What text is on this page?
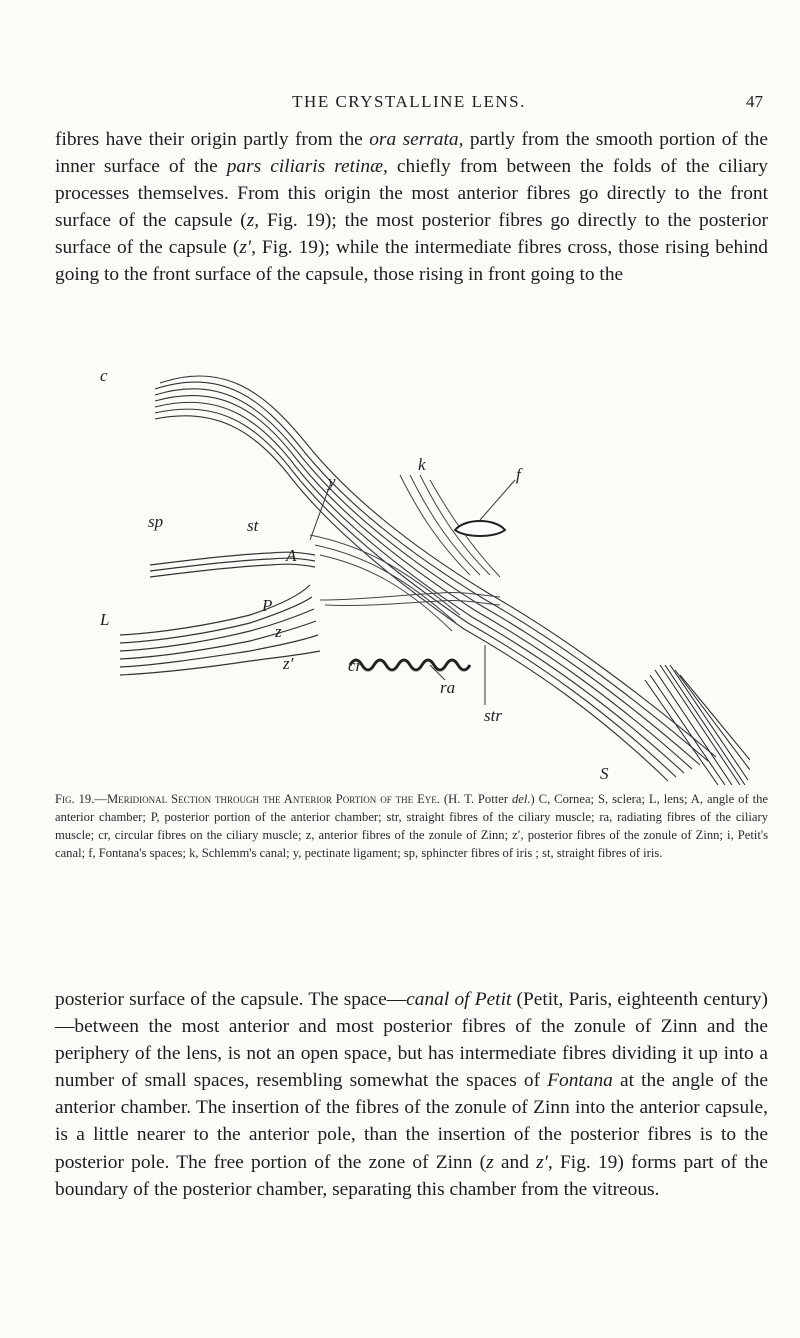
THE CRYSTALLINE LENS.	47

fibres have their origin partly from the ora serrata, partly from the smooth portion of the inner surface of the pars ciliaris retinæ, chiefly from between the folds of the ciliary processes themselves. From this origin the most anterior fibres go directly to the front surface of the capsule (z, Fig. 19); the most posterior fibres go directly to the posterior surface of the capsule (z′, Fig. 19); while the intermediate fibres cross, those rising behind going to the front surface of the capsule, those rising in front going to the

c
y
k
f
sp	st
A
L
P
z
z′	cr
ra
str
S
Fig. 19.—Meridional Section through the Anterior Portion of the Eye. (H. T. Potter del.) C, Cornea; S, sclera; L, lens; A, angle of the anterior chamber; P, posterior portion of the anterior chamber; str, straight fibres of the ciliary muscle; ra, radiating fibres of the ciliary muscle; cr, circular fibres on the ciliary muscle; z, anterior fibres of the zonule of Zinn; z′, posterior fibres of the zonule of Zinn; i, Petit's canal; f, Fontana's spaces; k, Schlemm's canal; y, pectinate ligament; sp, sphincter fibres of iris ; st, straight fibres of iris.

posterior surface of the capsule. The space—canal of Petit (Petit, Paris, eighteenth century)—between the most anterior and most posterior fibres of the zonule of Zinn and the periphery of the lens, is not an open space, but has intermediate fibres dividing it up into a number of small spaces, resembling somewhat the spaces of Fontana at the angle of the anterior chamber. The insertion of the fibres of the zonule of Zinn into the anterior capsule, is a little nearer to the anterior pole, than the insertion of the posterior fibres is to the posterior pole. The free portion of the zone of Zinn (z and z′, Fig. 19) forms part of the boundary of the posterior chamber, separating this chamber from the vitreous.
